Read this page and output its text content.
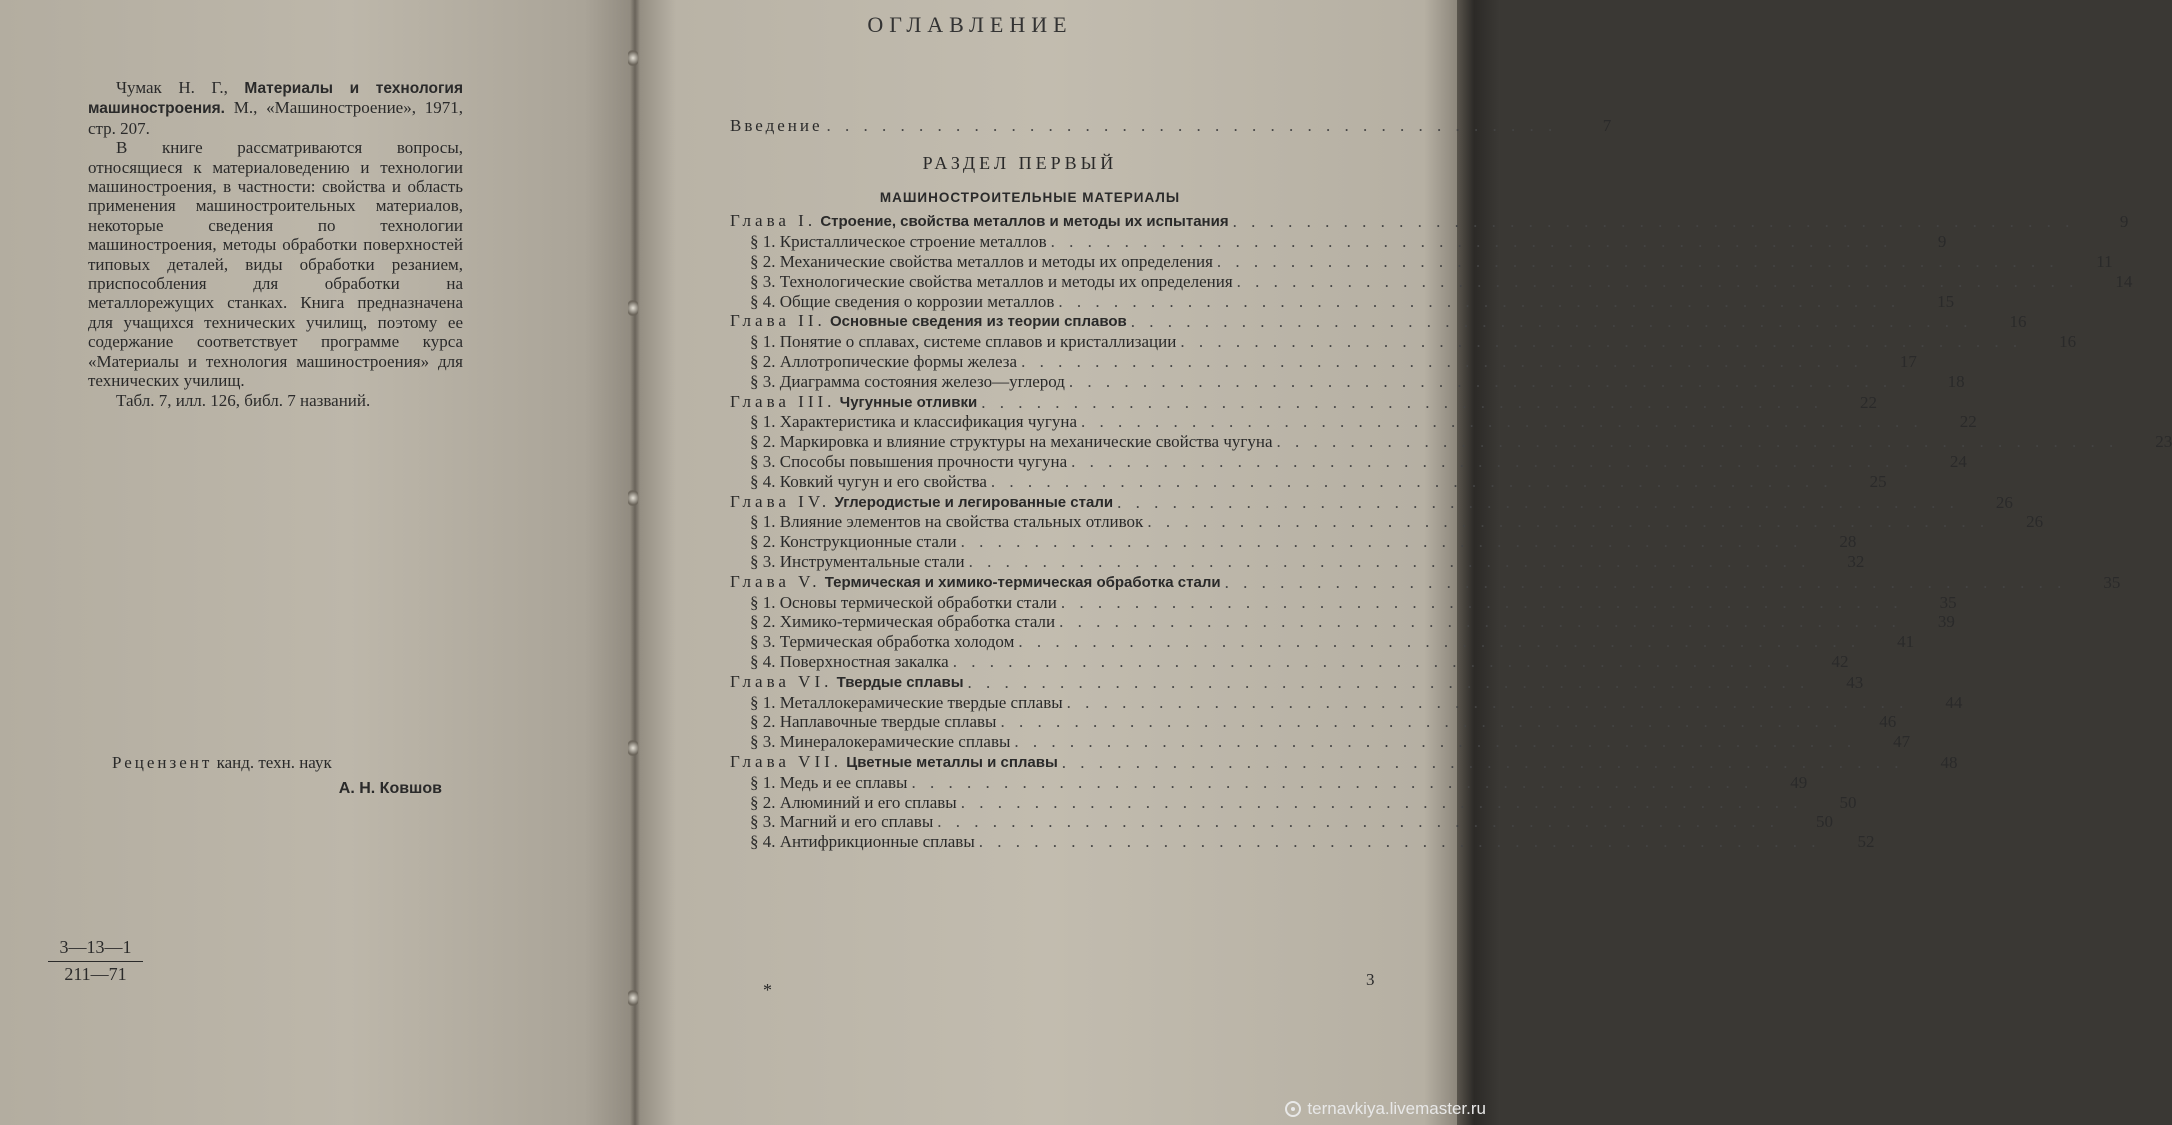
Чумак Н. Г., Материалы и технология машиностроения. М., «Машиностроение», 1971, стр. 207.

В книге рассматриваются вопросы, относящиеся к материаловедению и технологии машиностроения, в частности: свойства и область применения машиностроительных материалов, некоторые сведения по технологии машиностроения, методы обработки поверхностей типовых деталей, виды обработки резанием, приспособления для обработки на металлорежущих станках. Книга предназначена для учащихся технических училищ, поэтому ее содержание соответствует программе курса «Материалы и технология машиностроения» для технических училищ.

Табл. 7, илл. 126, библ. 7 названий.

Рецензент канд. техн. наук
А. Н. Ковшов
3—13—1
211—71
ОГЛАВЛЕНИЕ
Введение . . . . . . . . . . . . . . . . . . . . . . . . . . . . . . . . . . . . . . . .	7
РАЗДЕЛ ПЕРВЫЙ
МАШИНОСТРОИТЕЛЬНЫЕ МАТЕРИАЛЫ
Глава I. Строение, свойства металлов и методы их испытания . . . . . . . . . . . . . . . . . . . . . . . . . . . . . . . . . . . . . . . . . . . . . .	9
§ 1. Кристаллическое строение металлов . . . . . . . . . . . . . . . . . . . . . . . . . . . . . . . . . . . . . . . . . . . . . .	9
§ 2. Механические свойства металлов и методы их определения . . . . . . . . . . . . . . . . . . . . . . . . . . . . . . . . . . . . . . . . . . . . . .	11
§ 3. Технологические свойства металлов и методы их определения . . . . . . . . . . . . . . . . . . . . . . . . . . . . . . . . . . . . . . . . . . . . . .	14
§ 4. Общие сведения о коррозии металлов . . . . . . . . . . . . . . . . . . . . . . . . . . . . . . . . . . . . . . . . . . . . . .	15
Глава II. Основные сведения из теории сплавов . . . . . . . . . . . . . . . . . . . . . . . . . . . . . . . . . . . . . . . . . . . . . .	16
§ 1. Понятие о сплавах, системе сплавов и кристаллизации . . . . . . . . . . . . . . . . . . . . . . . . . . . . . . . . . . . . . . . . . . . . . .	16
§ 2. Аллотропические формы железа . . . . . . . . . . . . . . . . . . . . . . . . . . . . . . . . . . . . . . . . . . . . . .	17
§ 3. Диаграмма состояния железо—углерод . . . . . . . . . . . . . . . . . . . . . . . . . . . . . . . . . . . . . . . . . . . . . .	18
Глава III. Чугунные отливки . . . . . . . . . . . . . . . . . . . . . . . . . . . . . . . . . . . . . . . . . . . . . .	22
§ 1. Характеристика и классификация чугуна . . . . . . . . . . . . . . . . . . . . . . . . . . . . . . . . . . . . . . . . . . . . . .	22
§ 2. Маркировка и влияние структуры на механические свойства чугуна . . . . . . . . . . . . . . . . . . . . . . . . . . . . . . . . . . . . . . . . . . . . . .	23
§ 3. Способы повышения прочности чугуна . . . . . . . . . . . . . . . . . . . . . . . . . . . . . . . . . . . . . . . . . . . . . .	24
§ 4. Ковкий чугун и его свойства . . . . . . . . . . . . . . . . . . . . . . . . . . . . . . . . . . . . . . . . . . . . . .	25
Глава IV. Углеродистые и легированные стали . . . . . . . . . . . . . . . . . . . . . . . . . . . . . . . . . . . . . . . . . . . . . .	26
§ 1. Влияние элементов на свойства стальных отливок . . . . . . . . . . . . . . . . . . . . . . . . . . . . . . . . . . . . . . . . . . . . . .	26
§ 2. Конструкционные стали . . . . . . . . . . . . . . . . . . . . . . . . . . . . . . . . . . . . . . . . . . . . . .	28
§ 3. Инструментальные стали . . . . . . . . . . . . . . . . . . . . . . . . . . . . . . . . . . . . . . . . . . . . . .	32
Глава V. Термическая и химико-термическая обработка стали . . . . . . . . . . . . . . . . . . . . . . . . . . . . . . . . . . . . . . . . . . . . . .	35
§ 1. Основы термической обработки стали . . . . . . . . . . . . . . . . . . . . . . . . . . . . . . . . . . . . . . . . . . . . . .	35
§ 2. Химико-термическая обработка стали . . . . . . . . . . . . . . . . . . . . . . . . . . . . . . . . . . . . . . . . . . . . . .	39
§ 3. Термическая обработка холодом . . . . . . . . . . . . . . . . . . . . . . . . . . . . . . . . . . . . . . . . . . . . . .	41
§ 4. Поверхностная закалка . . . . . . . . . . . . . . . . . . . . . . . . . . . . . . . . . . . . . . . . . . . . . .	42
Глава VI. Твердые сплавы . . . . . . . . . . . . . . . . . . . . . . . . . . . . . . . . . . . . . . . . . . . . . .	43
§ 1. Металлокерамические твердые сплавы . . . . . . . . . . . . . . . . . . . . . . . . . . . . . . . . . . . . . . . . . . . . . .	44
§ 2. Наплавочные твердые сплавы . . . . . . . . . . . . . . . . . . . . . . . . . . . . . . . . . . . . . . . . . . . . . .	46
§ 3. Минералокерамические сплавы . . . . . . . . . . . . . . . . . . . . . . . . . . . . . . . . . . . . . . . . . . . . . .	47
Глава VII. Цветные металлы и сплавы . . . . . . . . . . . . . . . . . . . . . . . . . . . . . . . . . . . . . . . . . . . . . .	48
§ 1. Медь и ее сплавы . . . . . . . . . . . . . . . . . . . . . . . . . . . . . . . . . . . . . . . . . . . . . .	49
§ 2. Алюминий и его сплавы . . . . . . . . . . . . . . . . . . . . . . . . . . . . . . . . . . . . . . . . . . . . . .	50
§ 3. Магний и его сплавы . . . . . . . . . . . . . . . . . . . . . . . . . . . . . . . . . . . . . . . . . . . . . .	50
§ 4. Антифрикционные сплавы . . . . . . . . . . . . . . . . . . . . . . . . . . . . . . . . . . . . . . . . . . . . . .	52
*
3
ternavkiya.livemaster.ru
